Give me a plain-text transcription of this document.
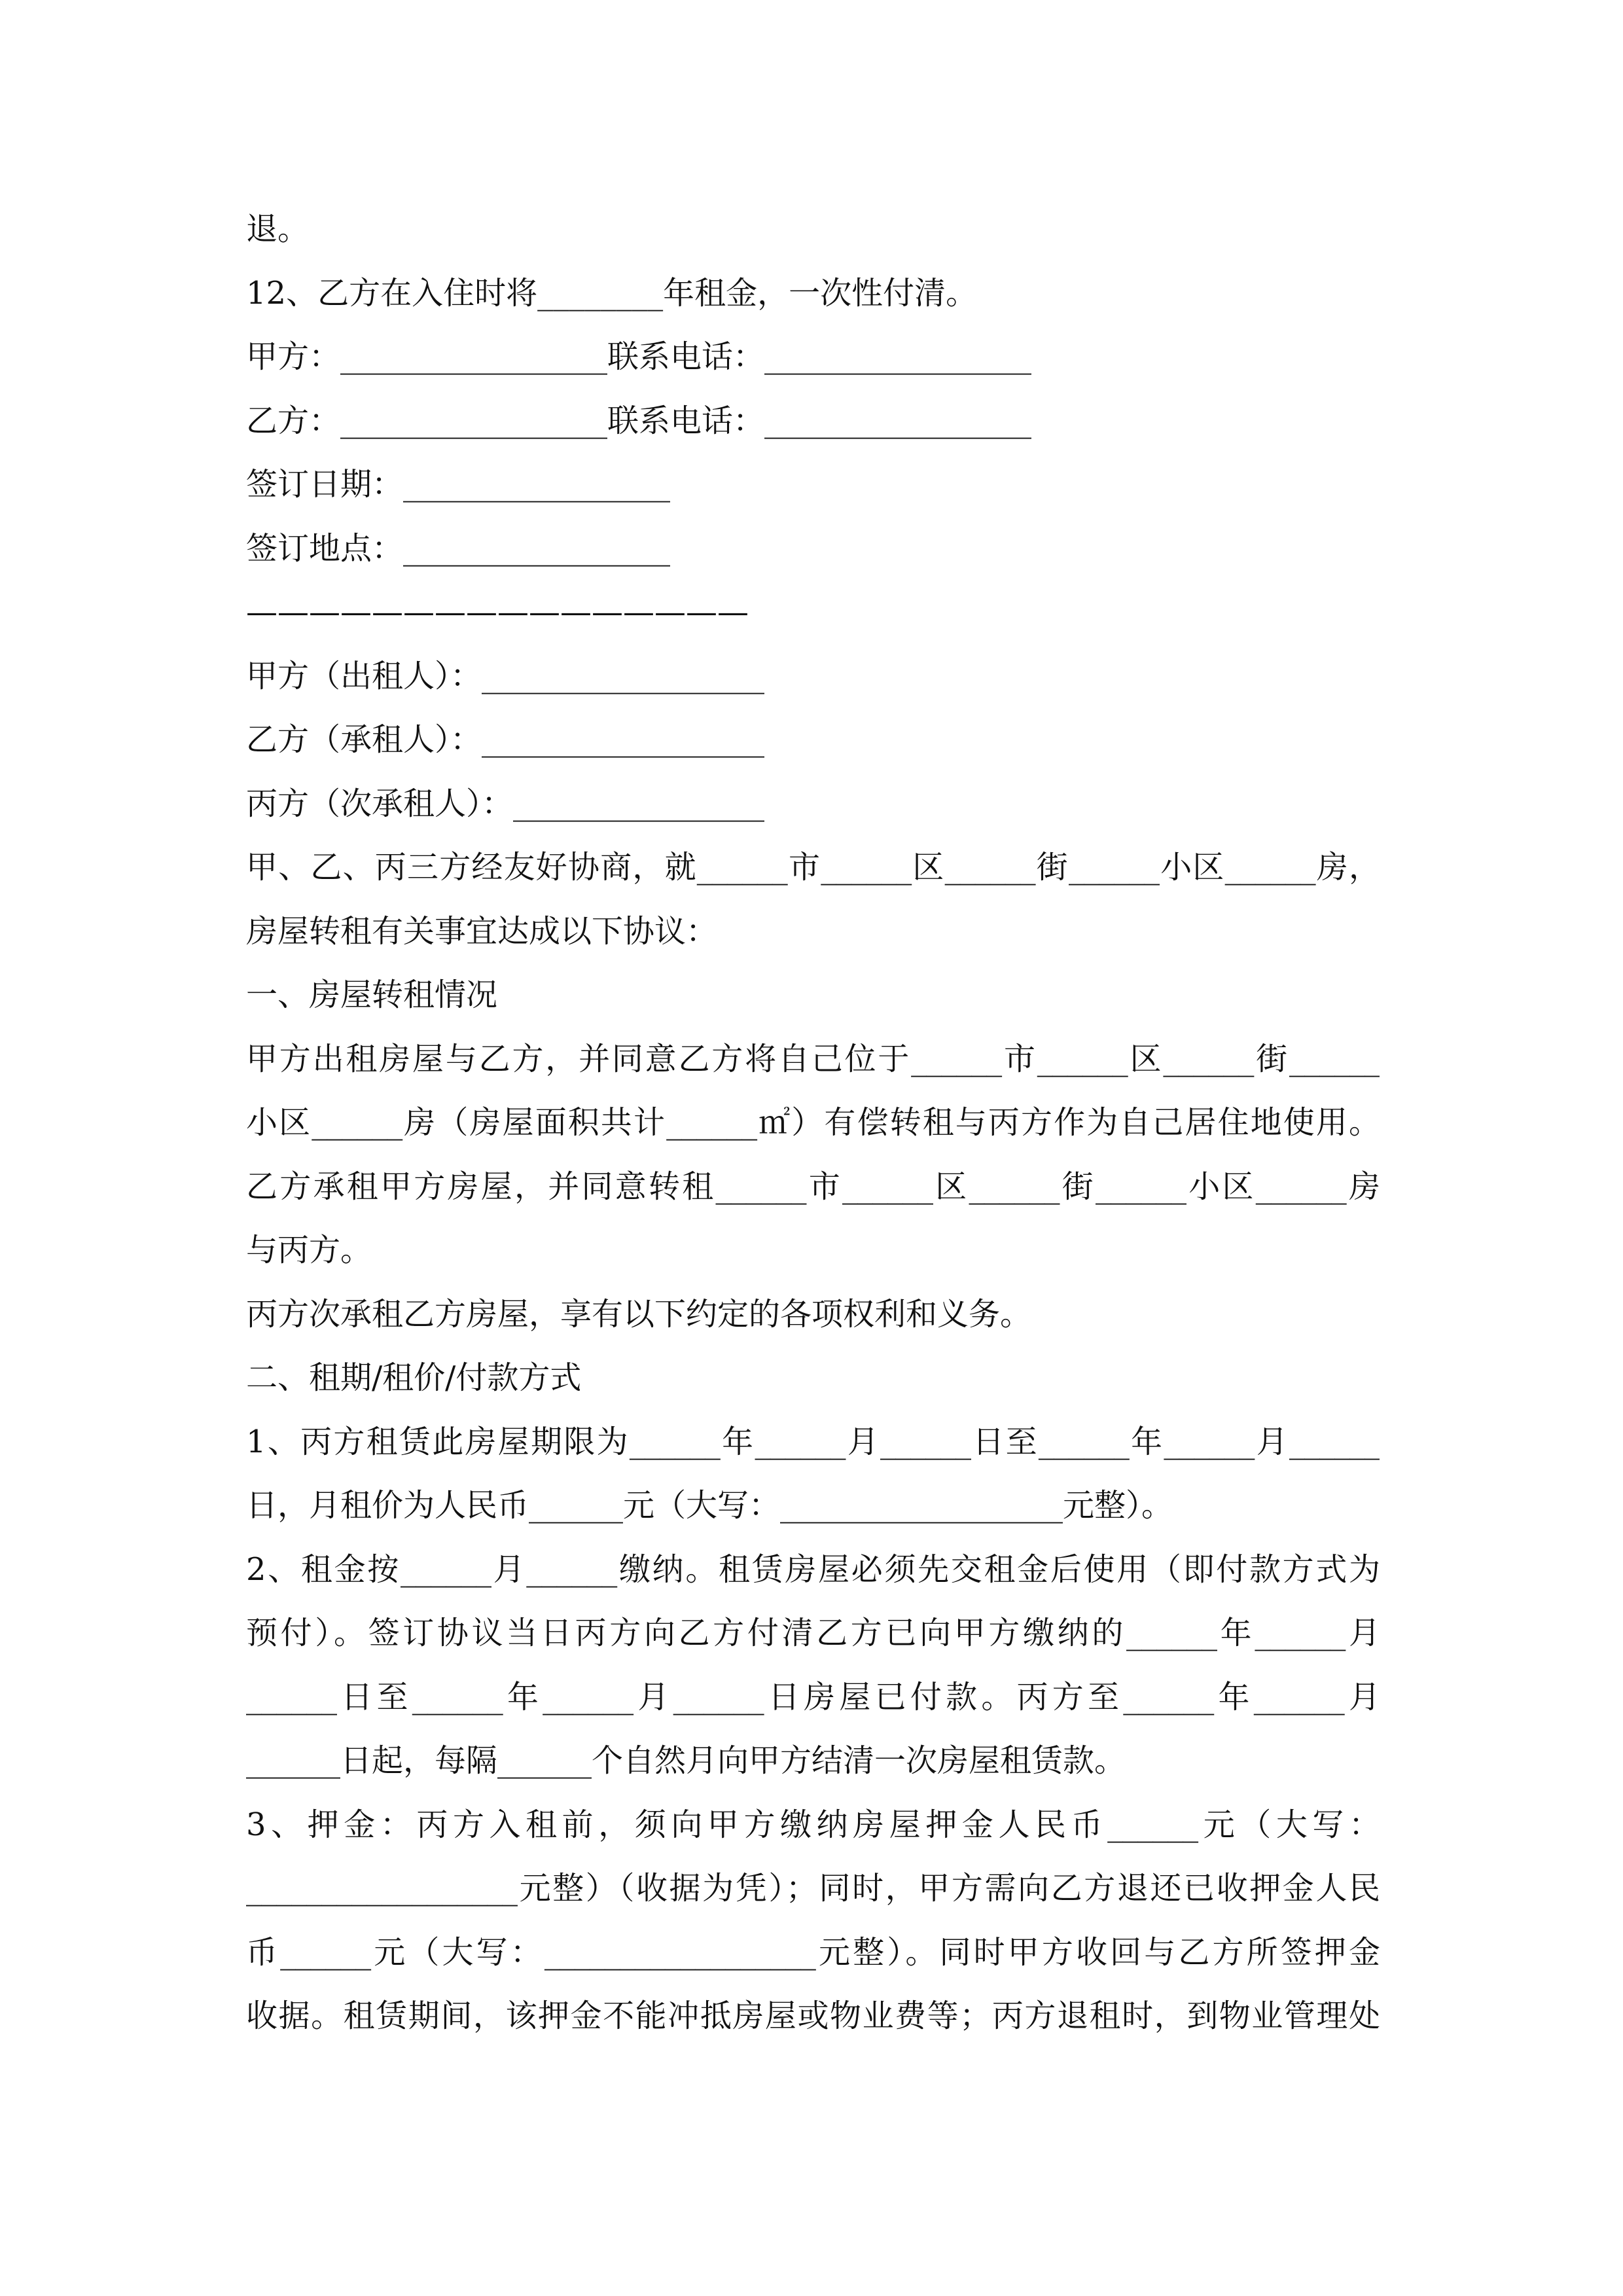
退。
12、乙方在入住时将________年租金，一次性付清。
甲方：_________________联系电话：_________________
乙方：_________________联系电话：_________________
签订日期：_________________
签订地点：_________________
————————————————
甲方（出租人）：__________________
乙方（承租人）：__________________
丙方（次承租人）：________________
甲、乙、丙三方经友好协商，就______市______区______街______小区______房，
房屋转租有关事宜达成以下协议：
一、房屋转租情况
甲方出租房屋与乙方，并同意乙方将自己位于______市______区______街______
小区______房（房屋面积共计______㎡）有偿转租与丙方作为自己居住地使用。
乙方承租甲方房屋，并同意转租______市______区______街______小区______房
与丙方。
丙方次承租乙方房屋，享有以下约定的各项权利和义务。
二、租期/租价/付款方式
1、丙方租赁此房屋期限为______年______月______日至______年______月______
日，月租价为人民币______元（大写：__________________元整）。
2、租金按______月______缴纳。租赁房屋必须先交租金后使用（即付款方式为
预付）。签订协议当日丙方向乙方付清乙方已向甲方缴纳的______年______月
______日至______年______月______日房屋已付款。丙方至______年______月
______日起，每隔______个自然月向甲方结清一次房屋租赁款。
3、押金：丙方入租前，须向甲方缴纳房屋押金人民币______元（大写：
__________________元整）（收据为凭）；同时，甲方需向乙方退还已收押金人民
币______元（大写：__________________元整）。同时甲方收回与乙方所签押金
收据。租赁期间，该押金不能冲抵房屋或物业费等；丙方退租时，到物业管理处
